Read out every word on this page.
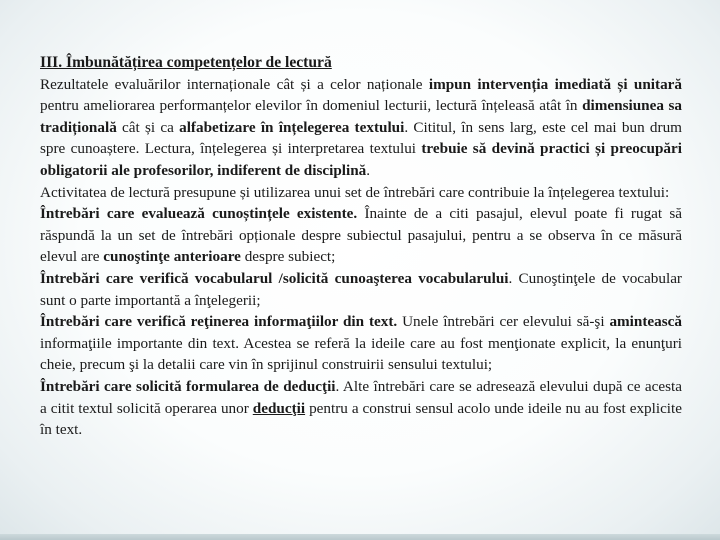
III. Îmbunătățirea competențelor de lectură

Rezultatele evaluărilor internaționale cât și a celor naționale impun intervenția imediată și unitară pentru ameliorarea performanțelor elevilor în domeniul lecturii, lectură înțeleasă atât în dimensiunea sa tradițională cât și ca alfabetizare în înțelegerea textului. Cititul, în sens larg, este cel mai bun drum spre cunoaștere. Lectura, înțelegerea și interpretarea textului trebuie să devină practici și preocupări obligatorii ale profesorilor, indiferent de disciplină.

Activitatea de lectură presupune și utilizarea unui set de întrebări care contribuie la înțelegerea textului:

Întrebări care evaluează cunoștințele existente. Înainte de a citi pasajul, elevul poate fi rugat să răspundă la un set de întrebări opționale despre subiectul pasajului, pentru a se observa în ce măsură elevul are cunoştinţe anterioare despre subiect;

Întrebări care verifică vocabularul /solicită cunoaşterea vocabularului. Cunoştinţele de vocabular sunt o parte importantă a înţelegerii;

Întrebări care verifică reţinerea informaţiilor din text. Unele întrebări cer elevului să-şi amintească informaţiile importante din text. Acestea se referă la ideile care au fost menţionate explicit, la enunţuri cheie, precum şi la detalii care vin în sprijinul construirii sensului textului;

Întrebări care solicită formularea de deducţii. Alte întrebări care se adresează elevului după ce acesta a citit textul solicită operarea unor deducţii pentru a construi sensul acolo unde ideile nu au fost explicite în text.
